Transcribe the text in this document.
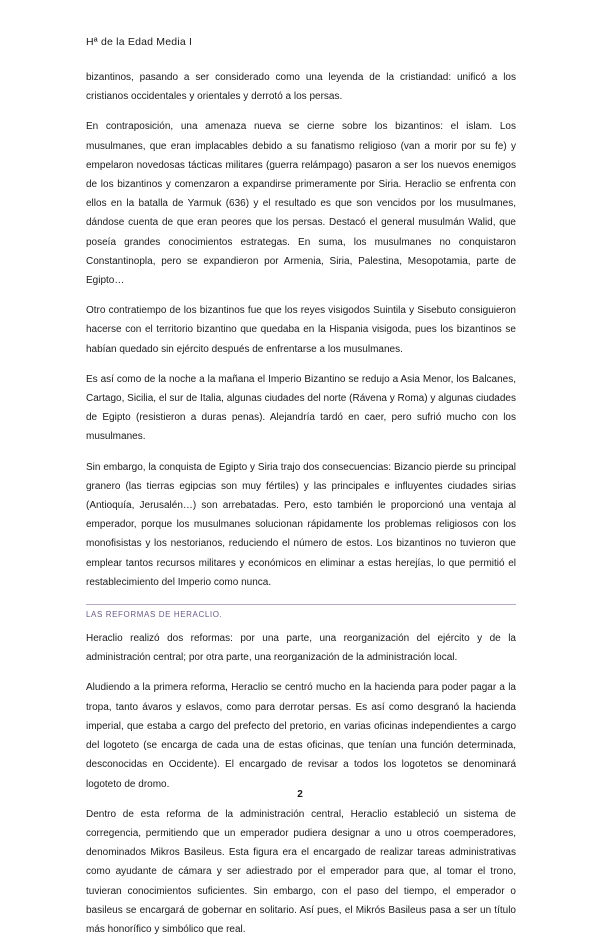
Hª de la Edad Media I

bizantinos, pasando a ser considerado como una leyenda de la cristiandad: unificó a los cristianos occidentales y orientales y derrotó a los persas.

En contraposición, una amenaza nueva se cierne sobre los bizantinos: el islam. Los musulmanes, que eran implacables debido a su fanatismo religioso (van a morir por su fe) y empelaron novedosas tácticas militares (guerra relámpago) pasaron a ser los nuevos enemigos de los bizantinos y comenzaron a expandirse primeramente por Siria. Heraclio se enfrenta con ellos en la batalla de Yarmuk (636) y el resultado es que son vencidos por los musulmanes, dándose cuenta de que eran peores que los persas. Destacó el general musulmán Walid, que poseía grandes conocimientos estrategas. En suma, los musulmanes no conquistaron Constantinopla, pero se expandieron por Armenia, Siria, Palestina, Mesopotamia, parte de Egipto…

Otro contratiempo de los bizantinos fue que los reyes visigodos Suintila y Sisebuto consiguieron hacerse con el territorio bizantino que quedaba en la Hispania visigoda, pues los bizantinos se habían quedado sin ejército después de enfrentarse a los musulmanes.

Es así como de la noche a la mañana el Imperio Bizantino se redujo a Asia Menor, los Balcanes, Cartago, Sicilia, el sur de Italia, algunas ciudades del norte (Rávena y Roma) y algunas ciudades de Egipto (resistieron a duras penas). Alejandría tardó en caer, pero sufrió mucho con los musulmanes.

Sin embargo, la conquista de Egipto y Siria trajo dos consecuencias: Bizancio pierde su principal granero (las tierras egipcias son muy fértiles) y las principales e influyentes ciudades sirias (Antioquía, Jerusalén…) son arrebatadas. Pero, esto también le proporcionó una ventaja al emperador, porque los musulmanes solucionan rápidamente los problemas religiosos con los monofisistas y los nestorianos, reduciendo el número de estos. Los bizantinos no tuvieron que emplear tantos recursos militares y económicos en eliminar a estas herejías, lo que permitió el restablecimiento del Imperio como nunca.

LAS REFORMAS DE HERACLIO.

Heraclio realizó dos reformas: por una parte, una reorganización del ejército y de la administración central; por otra parte, una reorganización de la administración local.

Aludiendo a la primera reforma, Heraclio se centró mucho en la hacienda para poder pagar a la tropa, tanto ávaros y eslavos, como para derrotar persas. Es así como desgranó la hacienda imperial, que estaba a cargo del prefecto del pretorio, en varias oficinas independientes a cargo del logoteto (se encarga de cada una de estas oficinas, que tenían una función determinada, desconocidas en Occidente). El encargado de revisar a todos los logotetos se denominará logoteto de dromo.

Dentro de esta reforma de la administración central, Heraclio estableció un sistema de corregencia, permitiendo que un emperador pudiera designar a uno u otros coemperadores, denominados Mikros Basileus. Esta figura era el encargado de realizar tareas administrativas como ayudante de cámara y ser adiestrado por el emperador para que, al tomar el trono, tuvieran conocimientos suficientes. Sin embargo, con el paso del tiempo, el emperador o basileus se encargará de gobernar en solitario. Así pues, el Mikrós Basileus pasa a ser un título más honorífico y simbólico que real.

2
